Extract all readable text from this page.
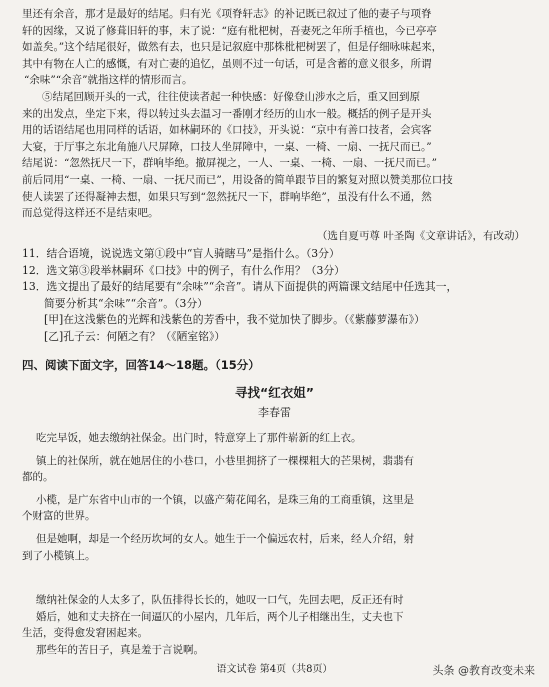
里还有余音，那才是最好的结尾。归有光《项脊轩志》的补记既已叙过了他的妻子与项脊
轩的因缘，又说了修葺旧轩的事，末了说：“庭有枇杷树，吾妻死之年所手植也，今已亭亭
如盖矣。”这个结尾很好，做然有去，也只是记叙庭中那株枇杷树罢了，但是仔细咏味起来，
其中有物在人亡的感慨，有对亡妻的追忆，虽则不过一句话，可是含蓄的意义很多，所谓
“余味”“余音”就指这样的情形而言。
⑤结尾回顾开头的一式，往往使读者起一种快感：好像登山涉水之后，重又回到原
来的出发点，坐定下来，得以转过头去温习一番刚才经历的山水一般。概括的例子是开头
用的话语结尾也用同样的话语，如林嗣环的《口技》，开头说：“京中有善口技者，会宾客
大宴，于厅事之东北角施八尺屏障，口技人坐屏障中，一桌、一椅、一扇、一抚尺而已。”
结尾说：“忽然抚尺一下，群响毕绝。撤屏视之，一人、一桌、一椅、一扇、一抚尺而已。”
前后同用“一桌、一椅、一扇、一抚尺而已”，用设备的简单跟节目的繁复对照以赞美那位口技
使人读罢了还得凝神去想，如果只写到“忽然抚尺一下，群响毕绝”，虽没有什么不通，然
而总觉得这样还不是结束吧。
（选自夏丏尊 叶圣陶《文章讲话》，有改动）
11．结合语境，说说选文第①段中“盲人骑瞎马”是指什么。（3分）
12．选文第③段举林嗣环《口技》中的例子，有什么作用？（3分）
13．选文提出了最好的结尾要有“余味”“余音”。请从下面提供的两篇课文结尾中任选其一，
简要分析其“余味”“余音”。（3分）
[甲]在这浅紫色的光辉和浅紫色的芳香中，我不觉加快了脚步。（《紫藤萝瀑布》）
[乙]孔子云：何陋之有？（《陋室铭》）
四、阅读下面文字，回答14～18题。（15分）
寻找“红衣姐”
李春雷
吃完早饭，她去缴纳社保金。出门时，特意穿上了那件崭新的红上衣。
镇上的社保所，就在她居住的小巷口，小巷里拥挤了一棵棵粗大的芒果树，翡翡有
都的。
小榄，是广东省中山市的一个镇，以盛产菊花闻名，是珠三角的工商重镇，这里是
个财富的世界。
但是她啊，却是一个经历坎坷的女人。她生于一个偏远农村，后来，经人介绍，射
到了小榄镇上。
缴纳社保金的人太多了，队伍排得长长的，她叹一口气，先回去吧，反正还有时
婚后，她和丈夫挤在一间逼仄的小屋内，几年后，两个儿子相继出生，丈夫也下
生活，变得愈发窘困起来。
那些年的苦日子，真是羞于言说啊。
语文试卷 第4页（共8页）	头条 @教育改变未来
